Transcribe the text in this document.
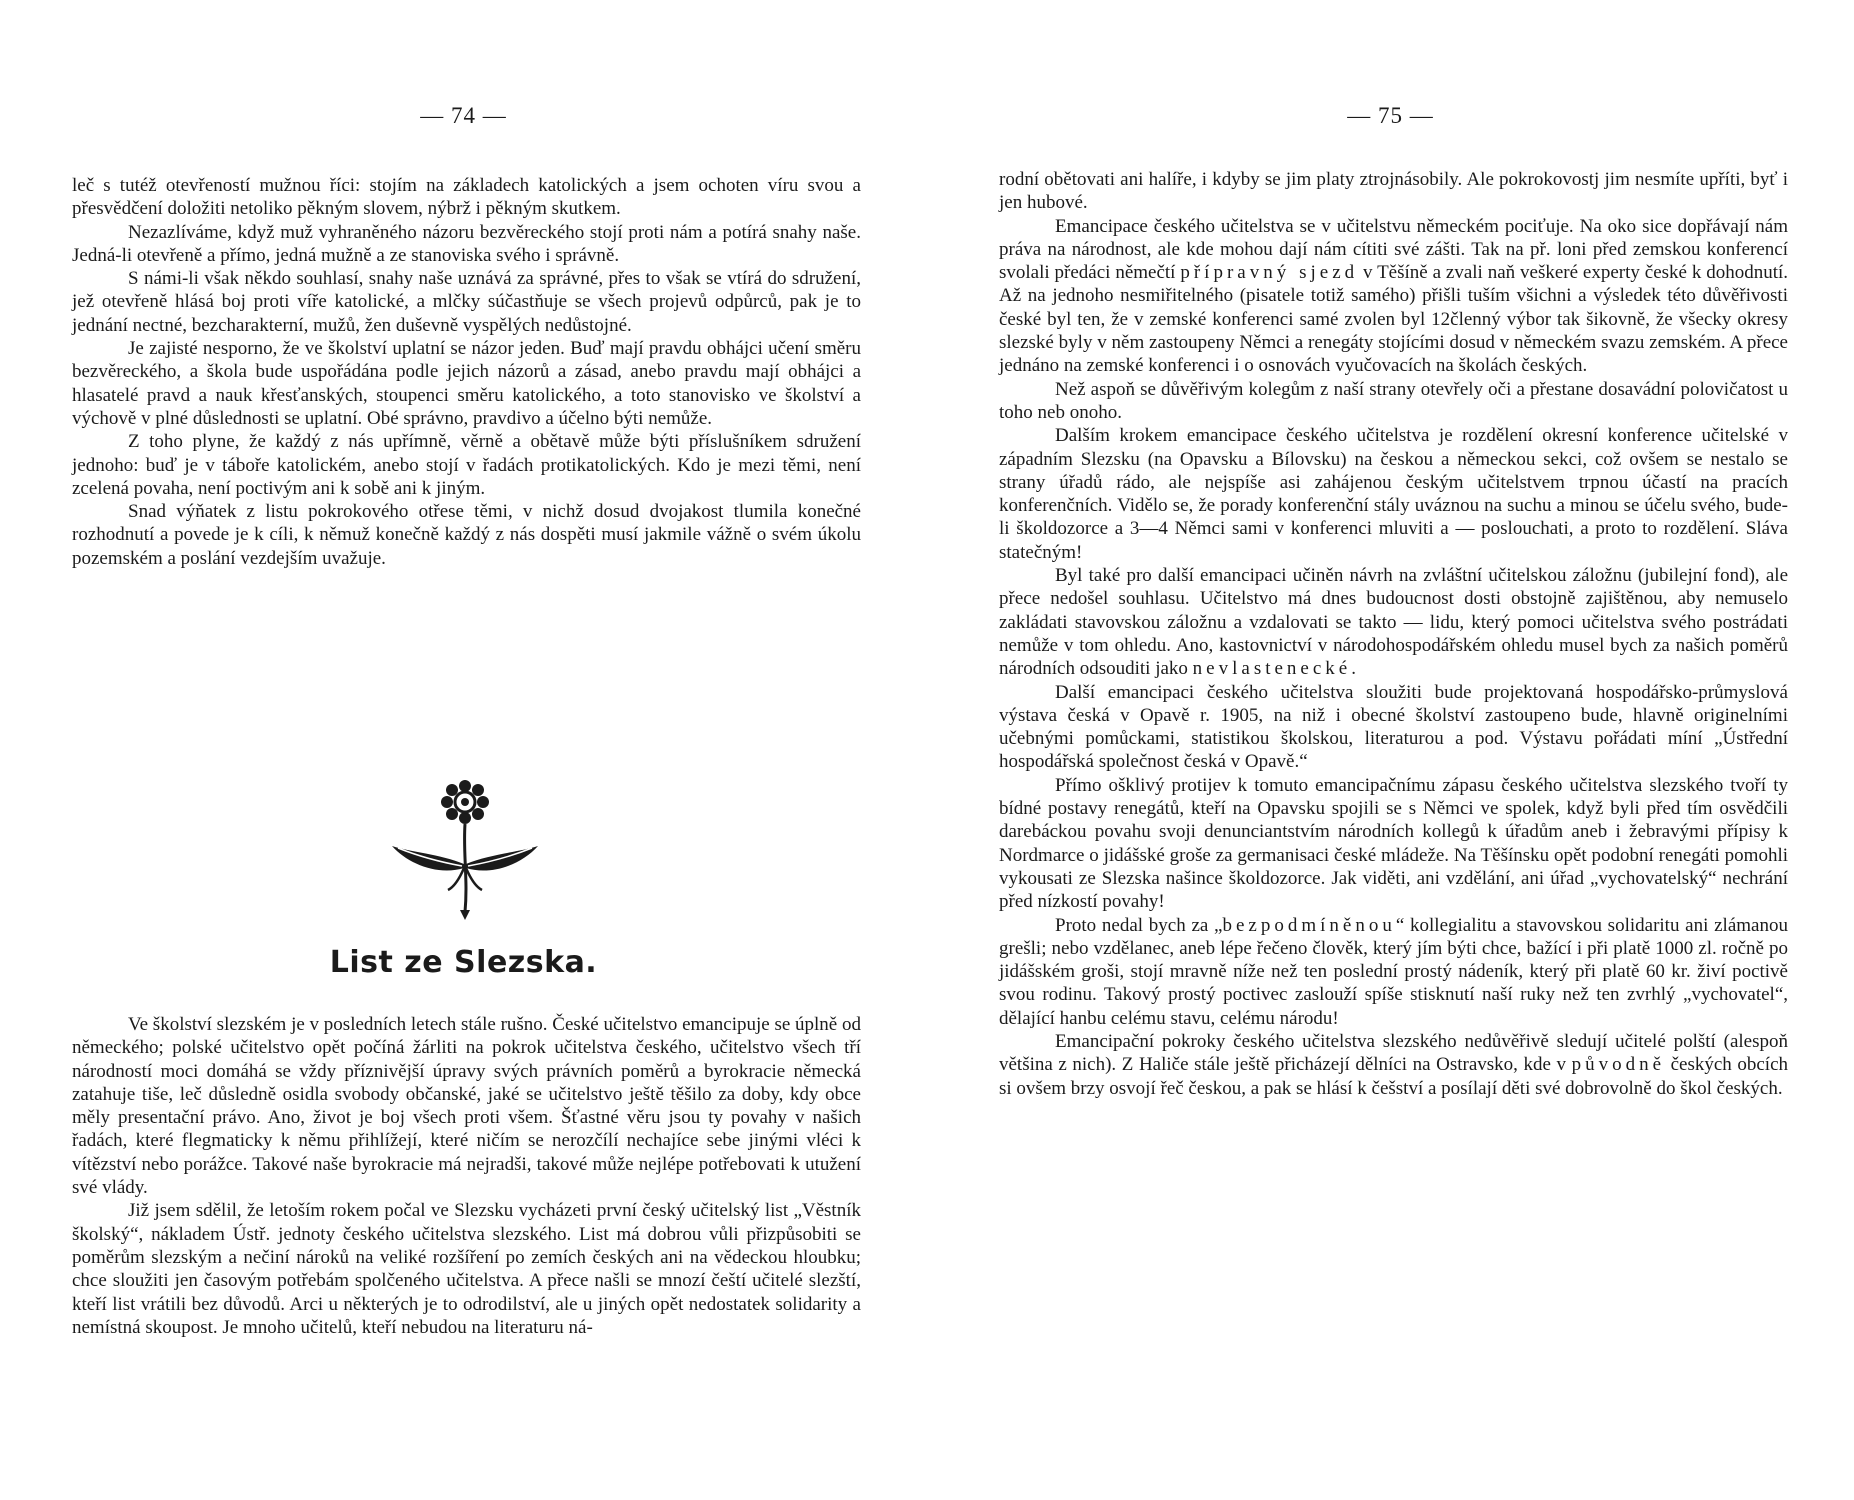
— 74 —

leč s tutéž otevřeností mužnou říci: stojím na základech katolických a jsem ochoten víru svou a přesvědčení doložiti netoliko pěkným slovem, nýbrž i pěkným skutkem.

Nezazlíváme, když muž vyhraněného názoru bezvěreckého stojí proti nám a potírá snahy naše. Jedná-li otevřeně a přímo, jedná mužně a ze stanoviska svého i správně.

S námi-li však někdo souhlasí, snahy naše uznává za správné, přes to však se vtírá do sdružení, jež otevřeně hlásá boj proti víře katolické, a mlčky súčastňuje se všech projevů odpůrců, pak je to jednání nectné, bezcharakterní, mužů, žen duševně vyspělých nedůstojné.

Je zajisté nesporno, že ve školství uplatní se názor jeden. Buď mají pravdu obhájci učení směru bezvěreckého, a škola bude uspořádána podle jejich názorů a zásad, anebo pravdu mají obhájci a hlasatelé pravd a nauk křesťanských, stoupenci směru katolického, a toto stanovisko ve školství a výchově v plné důslednosti se uplatní. Obé správno, pravdivo a účelno býti nemůže.

Z toho plyne, že každý z nás upřímně, věrně a obětavě může býti příslušníkem sdružení jednoho: buď je v táboře katolickém, anebo stojí v řadách protikatolických. Kdo je mezi těmi, není zcelená povaha, není poctivým ani k sobě ani k jiným.

Snad výňatek z listu pokrokového otřese těmi, v nichž dosud dvojakost tlumila konečné rozhodnutí a povede je k cíli, k němuž konečně každý z nás dospěti musí jakmile vážně o svém úkolu pozemském a poslání vezdejším uvažuje.

List ze Slezska.

Ve školství slezském je v posledních letech stále rušno. České učitelstvo emancipuje se úplně od německého; polské učitelstvo opět počíná žárliti na pokrok učitelstva českého, učitelstvo všech tří národností moci domáhá se vždy příznivější úpravy svých právních poměrů a byrokracie německá zatahuje tiše, leč důsledně osidla svobody občanské, jaké se učitelstvo ještě těšilo za doby, kdy obce měly presentační právo. Ano, život je boj všech proti všem. Šťastné věru jsou ty povahy v našich řadách, které flegmaticky k němu přihlížejí, které ničím se nerozčílí nechajíce sebe jinými vléci k vítězství nebo porážce. Takové naše byrokracie má nejradši, takové může nejlépe potřebovati k utužení své vlády.

Již jsem sdělil, že letoším rokem počal ve Slezsku vycházeti první český učitelský list „Věstník školský“, nákladem Ústř. jednoty českého učitelstva slezského. List má dobrou vůli přizpůsobiti se poměrům slezským a nečiní nároků na veliké rozšíření po zemích českých ani na vědeckou hloubku; chce sloužiti jen časovým potřebám spolčeného učitelstva. A přece našli se mnozí čeští učitelé slezští, kteří list vrátili bez důvodů. Arci u některých je to odrodilství, ale u jiných opět nedostatek solidarity a nemístná skoupost. Je mnoho učitelů, kteří nebudou na literaturu ná-

— 75 —

rodní obětovati ani halíře, i kdyby se jim platy ztrojnásobily. Ale pokrokovostj jim nesmíte upříti, byť i jen hubové.

Emancipace českého učitelstva se v učitelstvu německém pociťuje. Na oko sice dopřávají nám práva na národnost, ale kde mohou dají nám cítiti své zášti. Tak na př. loni před zemskou konferencí svolali předáci němečtí přípravný sjezd v Těšíně a zvali naň veškeré experty české k dohodnutí. Až na jednoho nesmiřitelného (pisatele totiž samého) přišli tuším všichni a výsledek této důvěřivosti české byl ten, že v zemské konferenci samé zvolen byl 12členný výbor tak šikovně, že všecky okresy slezské byly v něm zastoupeny Němci a renegáty stojícími dosud v německém svazu zemském. A přece jednáno na zemské konferenci i o osnovách vyučovacích na školách českých.

Než aspoň se důvěřivým kolegům z naší strany otevřely oči a přestane dosavádní polovičatost u toho neb onoho.

Dalším krokem emancipace českého učitelstva je rozdělení okresní konference učitelské v západním Slezsku (na Opavsku a Bílovsku) na českou a německou sekci, což ovšem se nestalo se strany úřadů rádo, ale nejspíše asi zahájenou českým učitelstvem trpnou účastí na pracích konferenčních. Vidělo se, že porady konferenční stály uváznou na suchu a minou se účelu svého, bude-li školdozorce a 3—4 Němci sami v konferenci mluviti a — poslouchati, a proto to rozdělení. Sláva statečným!

Byl také pro další emancipaci učiněn návrh na zvláštní učitelskou záložnu (jubilejní fond), ale přece nedošel souhlasu. Učitelstvo má dnes budoucnost dosti obstojně zajištěnou, aby nemuselo zakládati stavovskou záložnu a vzdalovati se takto — lidu, který pomoci učitelstva svého postrádati nemůže v tom ohledu. Ano, kastovnictví v národohospodářském ohledu musel bych za našich poměrů národních odsouditi jako nevlastenecké.

Další emancipaci českého učitelstva sloužiti bude projektovaná hospodářsko-průmyslová výstava česká v Opavě r. 1905, na niž i obecné školství zastoupeno bude, hlavně originelními učebnými pomůckami, statistikou školskou, literaturou a pod. Výstavu pořádati míní „Ústřední hospodářská společnost česká v Opavě.“

Přímo ošklivý protijev k tomuto emancipačnímu zápasu českého učitelstva slezského tvoří ty bídné postavy renegátů, kteří na Opavsku spojili se s Němci ve spolek, když byli před tím osvědčili darebáckou povahu svoji denunciantstvím národních kollegů k úřadům aneb i žebravými přípisy k Nordmarce o jidášské groše za germanisaci české mládeže. Na Těšínsku opět podobní renegáti pomohli vykousati ze Slezska našince školdozorce. Jak viděti, ani vzdělání, ani úřad „vychovatelský“ nechrání před nízkostí povahy!

Proto nedal bych za „bezpodmíněnou“ kollegialitu a stavovskou solidaritu ani zlámanou grešli; nebo vzdělanec, aneb lépe řečeno člověk, který jím býti chce, bažící i při platě 1000 zl. ročně po jidášském groši, stojí mravně níže než ten poslední prostý nádeník, který při platě 60 kr. živí poctivě svou rodinu. Takový prostý poctivec zaslouží spíše stisknutí naší ruky než ten zvrhlý „vychovatel“, dělající hanbu celému stavu, celému národu!

Emancipační pokroky českého učitelstva slezského nedůvěřivě sledují učitelé polští (alespoň většina z nich). Z Haliče stále ještě přicházejí dělníci na Ostravsko, kde v původně českých obcích si ovšem brzy osvojí řeč českou, a pak se hlásí k češství a posílají děti své dobrovolně do škol českých.
